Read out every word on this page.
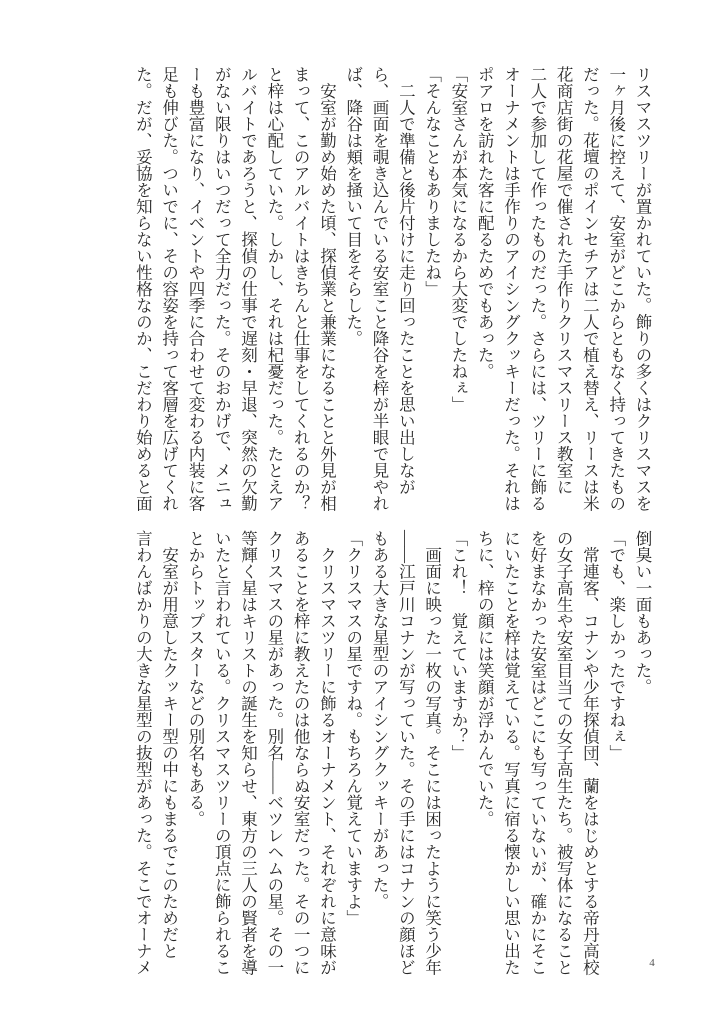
リスマスツリーが置かれていた。飾りの多くはクリスマスを
一ヶ月後に控えて、安室がどこからともなく持ってきたもの
だった。花壇のポインセチアは二人で植え替え、リースは米
花商店街の花屋で催された手作りクリスマスリース教室に
二人で参加して作ったものだった。さらには、ツリーに飾る
オーナメントは手作りのアイシングクッキーだった。それは
ポアロを訪れた客に配るためでもあった。
「安室さんが本気になるから大変でしたねぇ」
「そんなこともありましたね」
　二人で準備と後片付けに走り回ったことを思い出しなが
ら、画面を覗き込んでいる安室こと降谷を梓が半眼で見やれ
ば、降谷は頬を掻いて目をそらした。
　安室が勤め始めた頃、探偵業と兼業になることと外見が相
まって、このアルバイトはきちんと仕事をしてくれるのか？
と梓は心配していた。しかし、それは杞憂だった。たとえア
ルバイトであろうと、探偵の仕事で遅刻・早退、突然の欠勤
がない限りはいつだって全力だった。そのおかげで、メニュ
ーも豊富になり、イベントや四季に合わせて変わる内装に客
足も伸びた。ついでに、その容姿を持って客層を広げてくれ
た。だが、妥協を知らない性格なのか、こだわり始めると面
倒臭い一面もあった。
「でも、楽しかったですねぇ」
　常連客、コナンや少年探偵団、蘭をはじめとする帝丹高校
の女子高生や安室目当ての女子高生たち。被写体になること
を好まなかった安室はどこにも写っていないが、確かにそこ
にいたことを梓は覚えている。写真に宿る懐かしい思い出た
ちに、梓の顔には笑顔が浮かんでいた。
「これ！　覚えていますか？」
　画面に映った一枚の写真。そこには困ったように笑う少年
――江戸川コナンが写っていた。その手にはコナンの顔ほど
もある大きな星型のアイシングクッキーがあった。
「クリスマスの星ですね。もちろん覚えていますよ」
　クリスマスツリーに飾るオーナメント、それぞれに意味が
あることを梓に教えたのは他ならぬ安室だった。その一つに
クリスマスの星があった。別名――ベツレヘムの星。その一
等輝く星はキリストの誕生を知らせ、東方の三人の賢者を導
いたと言われている。クリスマスツリーの頂点に飾られるこ
とからトップスターなどの別名もある。
　安室が用意したクッキー型の中にもまるでこのためだと
言わんばかりの大きな星型の抜型があった。そこでオーナメ	4
